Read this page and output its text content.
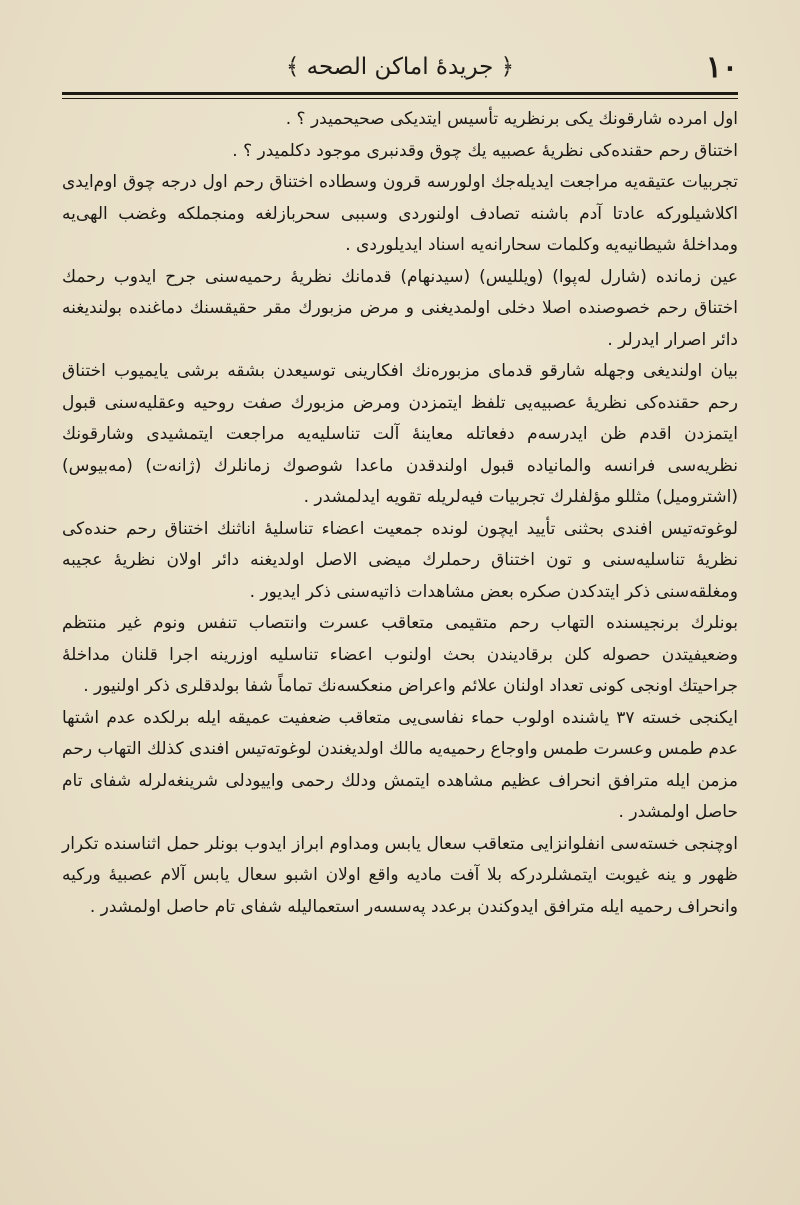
١٠
﴿ جريدهٔ اماكن الصحه ﴾

اول امرده شارقونك يكى برنظريه تأسيس ايتديكى صحيحميدر ؟ .

اختناق رحم حقنده‌كى نظريهٔ عصبيه يك چوق وقدنبرى موجود دكلميدر ؟ .

تجربيات عتيقه‌يه مراجعت ايديله‌جك اولورسه قرون وسطاده اختناق رحم اول درجه چوق اوم‌ايدى اكلاشيلوركه عادتا آدم باشنه تصادف اولنوردى وسببى سحربازلغه ومنجملكه وغضب الهى‌يه ومداخلهٔ شيطانيه‌يه وكلمات سحارانه‌يه اسناد ايديلوردى .

عين زمانده (شارل له‌پوا) (ويلليس) (سيدنهام) قدمانك نظريهٔ رحميه‌سنى جرح ايدوب رحمك اختناق رحم خصوصنده اصلا دخلى اولمديغنى و مرض مزبورك مقر حقيقسنك دماغنده بولنديغنه دائر اصرار ايدرلر .

بيان اولنديغى وجهله شارقو قدماى مزبوره‌نك افكارينى توسيعدن بشقه برشى يايميوب اختناق رحم حقنده‌كى نظريهٔ عصبيه‌يى تلفظ ايتمزدن ومرض مزبورك صفت روحيه وعقليه‌سنى قبول ايتمزدن اقدم ظن ايدرسه‌م دفعاتله معاينهٔ آلت تناسليه‌يه مراجعت ايتمشيدى وشارقونك نظريه‌سى فرانسه والمانياده قبول اولندقدن ماعدا شوصوك زمانلرك (ژانه‌ت) (مه‌بيوس) (اشتروميل) مثللو مؤلفلرك تجربيات فيه‌لريله تقويه ايدلمشدر .

لوغوته‌تيس افندى بحثنى تأييد ايچون لونده جمعيت اعضاء تناسليهٔ اناثنك اختناق رحم حنده‌كى نظريهٔ تناسليه‌سنى و تون اختناق رحملرك ميضى الاصل اولديغنه دائر اولان نظريهٔ عجيبه ومغلقه‌سنى ذكر ايتدكدن صكره بعض مشاهدات ذاتيه‌سنى ذكر ايديور .

بونلرك برنجيسنده التهاب رحم متقيمى متعاقب عسرت وانتصاب تنفس ونوم غير منتظم وضعيفيتدن حصوله كلن برقاديندن بحث اولنوب اعضاء تناسليه اوزرينه اجرا قلنان مداخلهٔ جراحيتك اونجى كونى تعداد اولنان علائم واعراض منعكسه‌نك تماماً شفا بولدقلرى ذكر اولنيور .

ايكنجى خسته ٣٧ ياشنده اولوب حماء نفاسى‌يى متعاقب ضعفيت عميقه ايله برلكده عدم اشتها عدم طمس وعسرت طمس واوجاع رحميه‌يه مالك اولديغندن لوغوته‌تيس افندى كذلك التهاب رحم مزمن ايله مترافق انحراف عظيم مشاهده ايتمش ودلك رحمى واييودلى شرينغه‌لرله شفاى تام حاصل اولمشدر .

اوچنجى خسته‌سى انفلوانزايى متعاقب سعال يابس ومداوم ابراز ايدوب بونلر حمل اثناسنده تكرار ظهور و ينه غيوبت ايتمشلردركه بلا آفت ماديه واقع اولان اشبو سعال يابس آلام عصبيهٔ وركيه وانحراف رحميه ايله مترافق ايدوكندن برعدد پەسسەر استعماليله شفاى تام حاصل اولمشدر .
